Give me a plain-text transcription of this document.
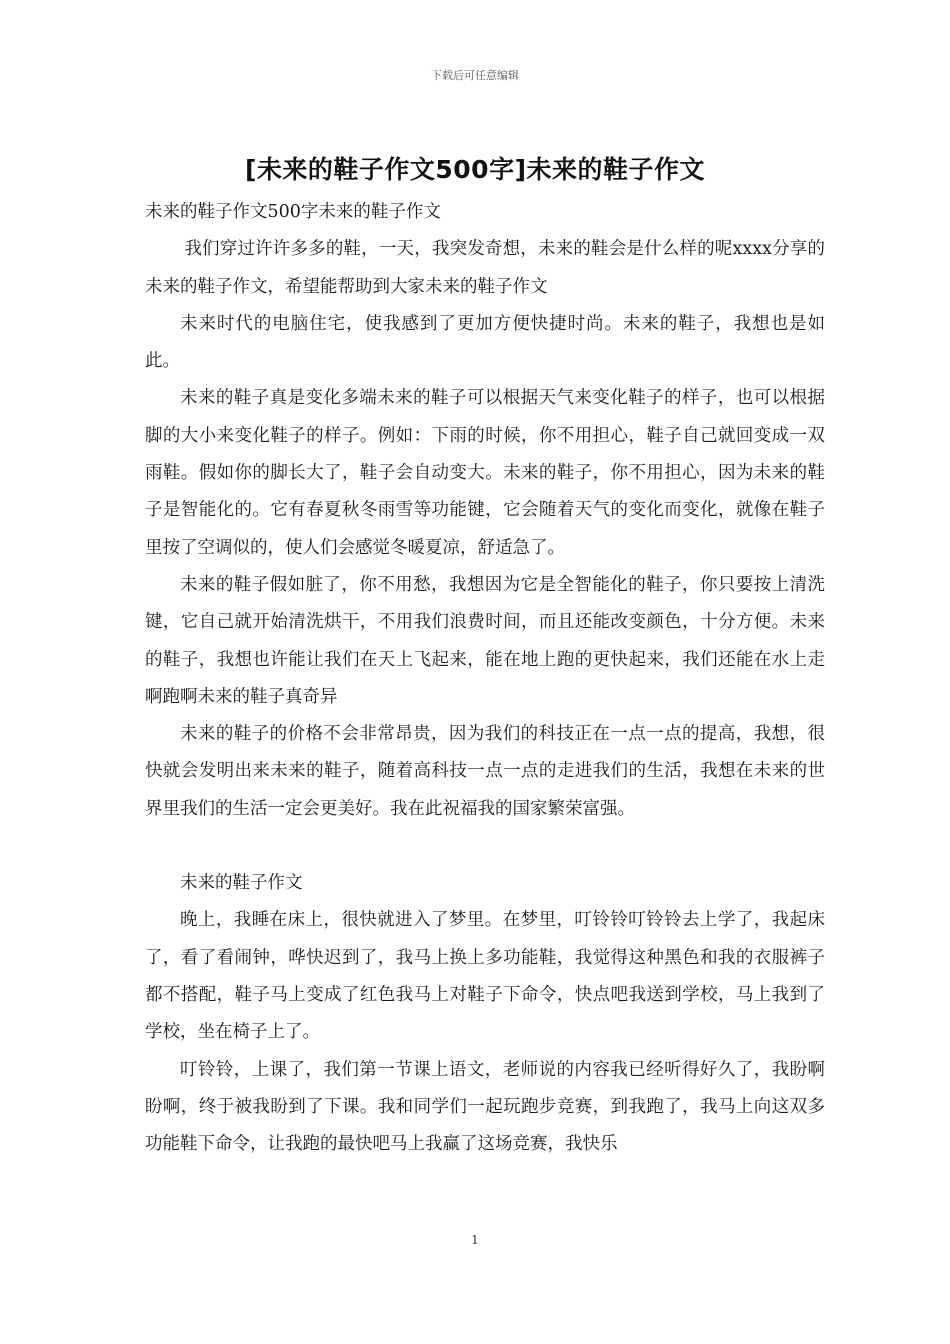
下载后可任意编辑
[未来的鞋子作文500字]未来的鞋子作文

未来的鞋子作文500字未来的鞋子作文

我们穿过许许多多的鞋，一天，我突发奇想，未来的鞋会是什么样的呢xxxx分享的未来的鞋子作文，希望能帮助到大家未来的鞋子作文

未来时代的电脑住宅，使我感到了更加方便快捷时尚。未来的鞋子，我想也是如此。

未来的鞋子真是变化多端未来的鞋子可以根据天气来变化鞋子的样子，也可以根据脚的大小来变化鞋子的样子。例如：下雨的时候，你不用担心，鞋子自己就回变成一双雨鞋。假如你的脚长大了，鞋子会自动变大。未来的鞋子，你不用担心，因为未来的鞋子是智能化的。它有春夏秋冬雨雪等功能键，它会随着天气的变化而变化，就像在鞋子里按了空调似的，使人们会感觉冬暖夏凉，舒适急了。

未来的鞋子假如脏了，你不用愁，我想因为它是全智能化的鞋子，你只要按上清洗键，它自己就开始清洗烘干，不用我们浪费时间，而且还能改变颜色，十分方便。未来的鞋子，我想也许能让我们在天上飞起来，能在地上跑的更快起来，我们还能在水上走啊跑啊未来的鞋子真奇异

未来的鞋子的价格不会非常昂贵，因为我们的科技正在一点一点的提高，我想，很快就会发明出来未来的鞋子，随着高科技一点一点的走进我们的生活，我想在未来的世界里我们的生活一定会更美好。我在此祝福我的国家繁荣富强。

未来的鞋子作文

晚上，我睡在床上，很快就进入了梦里。在梦里，叮铃铃叮铃铃去上学了，我起床了，看了看闹钟，哗快迟到了，我马上换上多功能鞋，我觉得这种黑色和我的衣服裤子都不搭配，鞋子马上变成了红色我马上对鞋子下命令，快点吧我送到学校，马上我到了学校，坐在椅子上了。

叮铃铃，上课了，我们第一节课上语文，老师说的内容我已经听得好久了，我盼啊盼啊，终于被我盼到了下课。我和同学们一起玩跑步竞赛，到我跑了，我马上向这双多功能鞋下命令，让我跑的最快吧马上我赢了这场竞赛，我快乐

1
